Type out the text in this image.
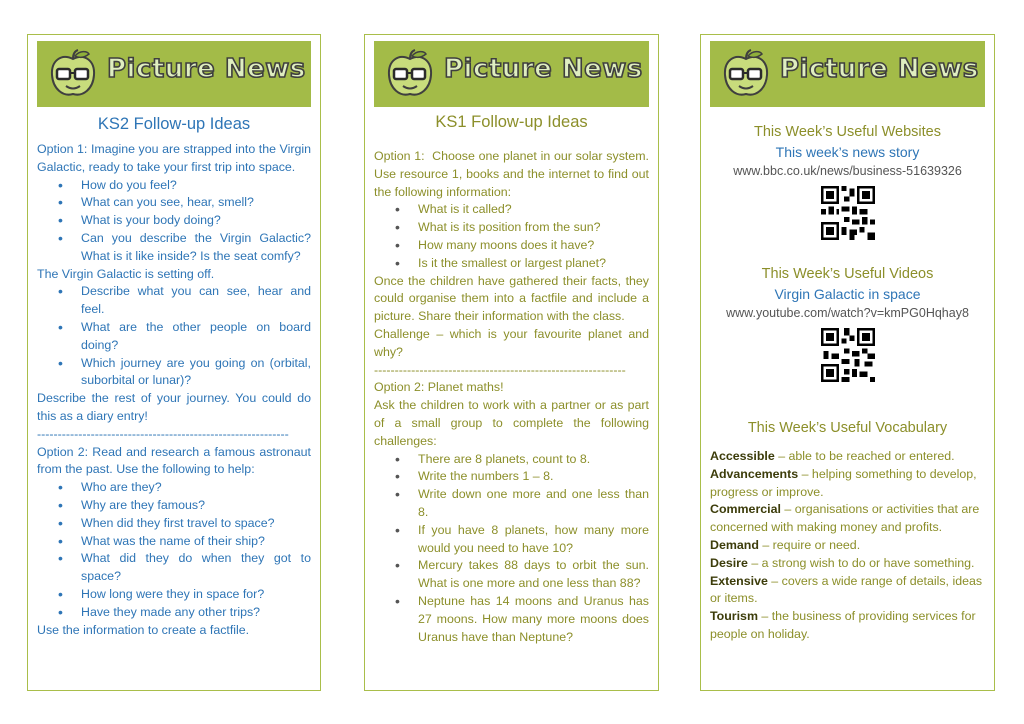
Picture News

KS2 Follow-up Ideas

Option 1: Imagine you are strapped into the Virgin Galactic, ready to take your first trip into space.

• How do you feel?
• What can you see, hear, smell?
• What is your body doing?
• Can you describe the Virgin Galactic? What is it like inside? Is the seat comfy?

The Virgin Galactic is setting off.

• Describe what you can see, hear and feel.
• What are the other people on board doing?
• Which journey are you going on (orbital, suborbital or lunar)?

Describe the rest of your journey. You could do this as a diary entry!

-------------------------------------------------------------

Option 2: Read and research a famous astronaut from the past. Use the following to help:

• Who are they?
• Why are they famous?
• When did they first travel to space?
• What was the name of their ship?
• What did they do when they got to space?
• How long were they in space for?
• Have they made any other trips?

Use the information to create a factfile.

Picture News

KS1 Follow-up Ideas

Option 1: Choose one planet in our solar system. Use resource 1, books and the internet to find out the following information:

• What is it called?
• What is its position from the sun?
• How many moons does it have?
• Is it the smallest or largest planet?

Once the children have gathered their facts, they could organise them into a factfile and include a picture. Share their information with the class.

Challenge – which is your favourite planet and why?

-------------------------------------------------------------

Option 2: Planet maths!

Ask the children to work with a partner or as part of a small group to complete the following challenges:

• There are 8 planets, count to 8.
• Write the numbers 1 – 8.
• Write down one more and one less than 8.
• If you have 8 planets, how many more would you need to have 10?
• Mercury takes 88 days to orbit the sun. What is one more and one less than 88?
• Neptune has 14 moons and Uranus has 27 moons. How many more moons does Uranus have than Neptune?
Picture News
This Week’s Useful Websites
This week’s news story
www.bbc.co.uk/news/business-51639326
This Week’s Useful Videos
Virgin Galactic in space
www.youtube.com/watch?v=kmPG0Hqhay8
This Week’s Useful Vocabulary

Accessible – able to be reached or entered.

Advancements – helping something to develop, progress or improve.

Commercial – organisations or activities that are concerned with making money and profits.

Demand – require or need.

Desire – a strong wish to do or have something.

Extensive – covers a wide range of details, ideas or items.

Tourism – the business of providing services for people on holiday.
